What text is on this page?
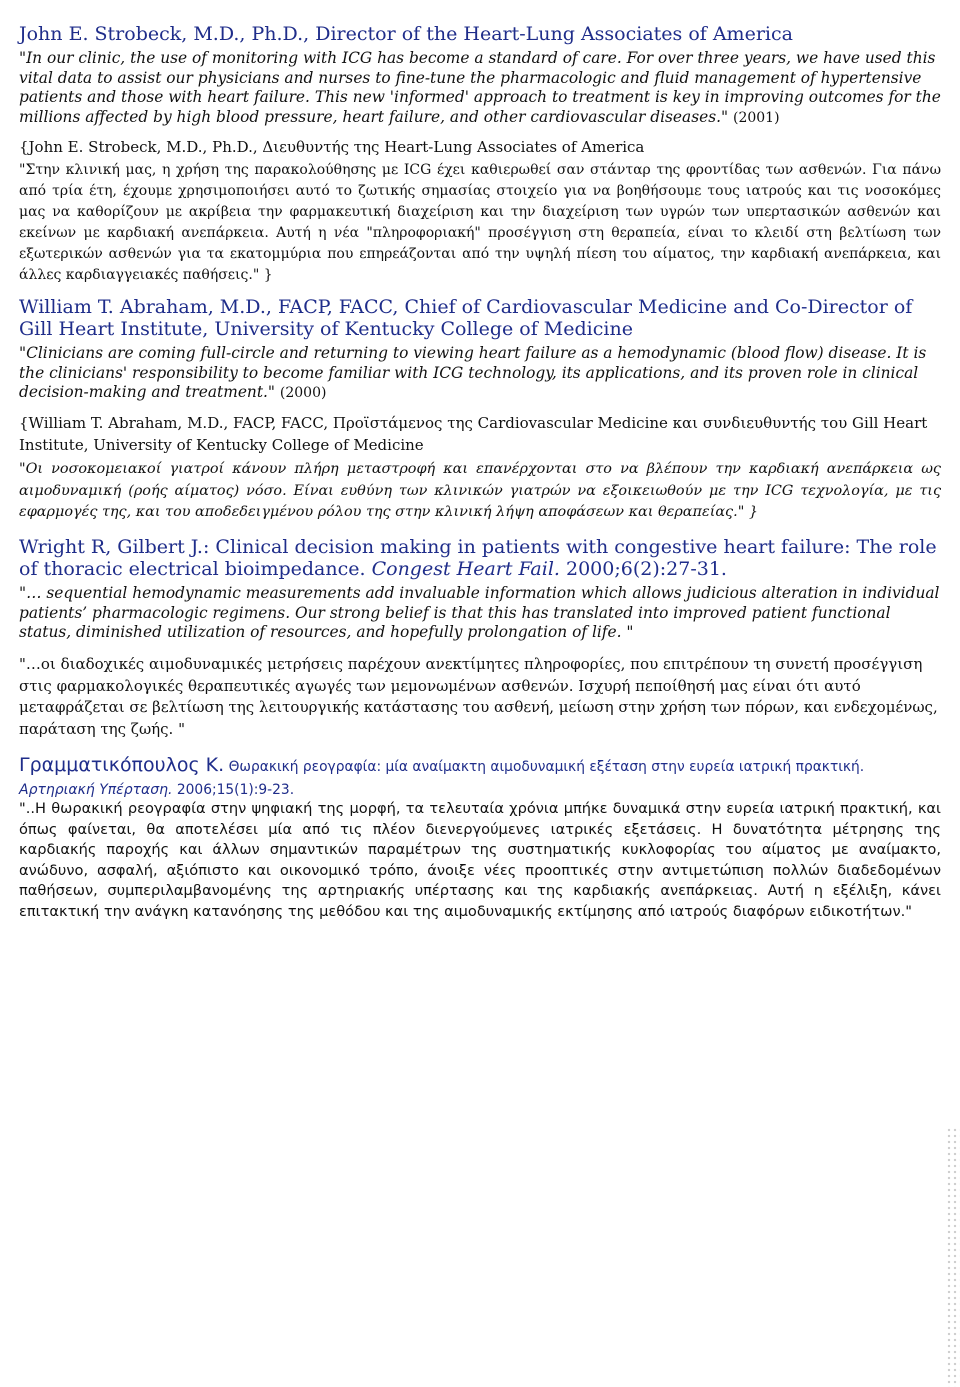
John E. Strobeck, M.D., Ph.D., Director of the Heart-Lung Associates of America
"In our clinic, the use of monitoring with ICG has become a standard of care. For over three years, we have used this vital data to assist our physicians and nurses to fine-tune the pharmacologic and fluid management of hypertensive patients and those with heart failure. This new 'informed' approach to treatment is key in improving outcomes for the millions affected by high blood pressure, heart failure, and other cardiovascular diseases." (2001)
{John E. Strobeck, M.D., Ph.D., Διευθυντής της Heart-Lung Associates of America
"Στην κλινική μας, η χρήση της παρακολούθησης με ICG έχει καθιερωθεί σαν στάνταρ της φροντίδας των ασθενών. Για πάνω από τρία έτη, έχουμε χρησιμοποιήσει αυτό το ζωτικής σημασίας στοιχείο για να βοηθήσουμε τους ιατρούς και τις νοσοκόμες μας να καθορίζουν με ακρίβεια την φαρμακευτική διαχείριση και την διαχείριση των υγρών των υπερτασικών ασθενών και εκείνων με καρδιακή ανεπάρκεια. Αυτή η νέα "πληροφοριακή" προσέγγιση στη θεραπεία, είναι το κλειδί στη βελτίωση των εξωτερικών ασθενών για τα εκατομμύρια που επηρεάζονται από την υψηλή πίεση του αίματος, την καρδιακή ανεπάρκεια, και άλλες καρδιαγγειακές παθήσεις." }
William T. Abraham, M.D., FACP, FACC, Chief of Cardiovascular Medicine and Co-Director of Gill Heart Institute, University of Kentucky College of Medicine
"Clinicians are coming full-circle and returning to viewing heart failure as a hemodynamic (blood flow) disease. It is the clinicians' responsibility to become familiar with ICG technology, its applications, and its proven role in clinical decision-making and treatment." (2000)
{William T. Abraham, M.D., FACP, FACC, Προϊστάμενος της Cardiovascular Medicine και συνδιευθυντής του Gill Heart Institute, University of Kentucky College of Medicine
"Οι νοσοκομειακοί γιατροί κάνουν πλήρη μεταστροφή και επανέρχονται στο να βλέπουν την καρδιακή ανεπάρκεια ως αιμοδυναμική (ροής αίματος) νόσο. Είναι ευθύνη των κλινικών γιατρών να εξοικειωθούν με την ICG τεχνολογία, με τις εφαρμογές της, και του αποδεδειγμένου ρόλου της στην κλινική λήψη αποφάσεων και θεραπείας." }
Wright R, Gilbert J.: Clinical decision making in patients with congestive heart failure: The role of thoracic electrical bioimpedance. Congest Heart Fail. 2000;6(2):27-31.
"… sequential hemodynamic measurements add invaluable information which allows judicious alteration in individual patients’ pharmacologic regimens. Our strong belief is that this has translated into improved patient functional status, diminished utilization of resources, and hopefully prolongation of life. "
"…οι διαδοχικές αιμοδυναμικές μετρήσεις παρέχουν ανεκτίμητες πληροφορίες, που επιτρέπουν τη συνετή προσέγγιση στις φαρμακολογικές θεραπευτικές αγωγές των μεμονωμένων ασθενών. Ισχυρή πεποίθησή μας είναι ότι αυτό μεταφράζεται σε βελτίωση της λειτουργικής κατάστασης του ασθενή, μείωση στην χρήση των πόρων, και ενδεχομένως, παράταση της ζωής. "
Γραμματικόπουλος Κ. Θωρακική ρεογραφία: μία αναίμακτη αιμοδυναμική εξέταση στην ευρεία ιατρική πρακτική.
Αρτηριακή Υπέρταση. 2006;15(1):9-23.
"..Η θωρακική ρεογραφία στην ψηφιακή της μορφή, τα τελευταία χρόνια μπήκε δυναμικά στην ευρεία ιατρική πρακτική, και όπως φαίνεται, θα αποτελέσει μία από τις πλέον διενεργούμενες ιατρικές εξετάσεις. Η δυνατότητα μέτρησης της καρδιακής παροχής και άλλων σημαντικών παραμέτρων της συστηματικής κυκλοφορίας του αίματος με αναίμακτο, ανώδυνο, ασφαλή, αξιόπιστο και οικονομικό τρόπο, άνοιξε νέες προοπτικές στην αντιμετώπιση πολλών διαδεδομένων παθήσεων, συμπεριλαμβανομένης της αρτηριακής υπέρτασης και της καρδιακής ανεπάρκειας. Αυτή η εξέλιξη, κάνει επιτακτική την ανάγκη κατανόησης της μεθόδου και της αιμοδυναμικής εκτίμησης από ιατρούς διαφόρων ειδικοτήτων."
